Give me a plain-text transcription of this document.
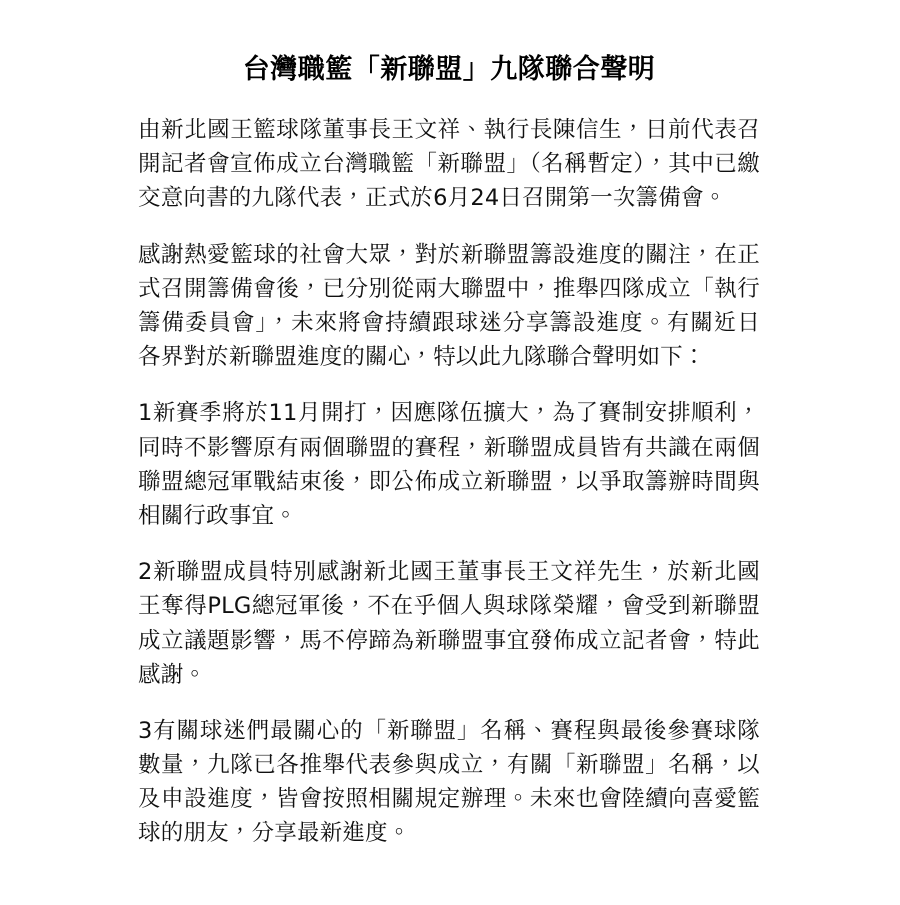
台灣職籃「新聯盟」九隊聯合聲明

由新北國王籃球隊董事長王文祥、執行長陳信生，日前代表召開記者會宣佈成立台灣職籃「新聯盟」（名稱暫定），其中已繳交意向書的九隊代表，正式於6月24日召開第一次籌備會。

感謝熱愛籃球的社會大眾，對於新聯盟籌設進度的關注，在正式召開籌備會後，已分別從兩大聯盟中，推舉四隊成立「執行籌備委員會」，未來將會持續跟球迷分享籌設進度。有關近日各界對於新聯盟進度的關心，特以此九隊聯合聲明如下：

1新賽季將於11月開打，因應隊伍擴大，為了賽制安排順利，同時不影響原有兩個聯盟的賽程，新聯盟成員皆有共識在兩個聯盟總冠軍戰結束後，即公佈成立新聯盟，以爭取籌辦時間與相關行政事宜。

2新聯盟成員特別感謝新北國王董事長王文祥先生，於新北國王奪得PLG總冠軍後，不在乎個人與球隊榮耀，會受到新聯盟成立議題影響，馬不停蹄為新聯盟事宜發佈成立記者會，特此感謝。

3有關球迷們最關心的「新聯盟」名稱、賽程與最後參賽球隊數量，九隊已各推舉代表參與成立，有關「新聯盟」名稱，以及申設進度，皆會按照相關規定辦理。未來也會陸續向喜愛籃球的朋友，分享最新進度。
